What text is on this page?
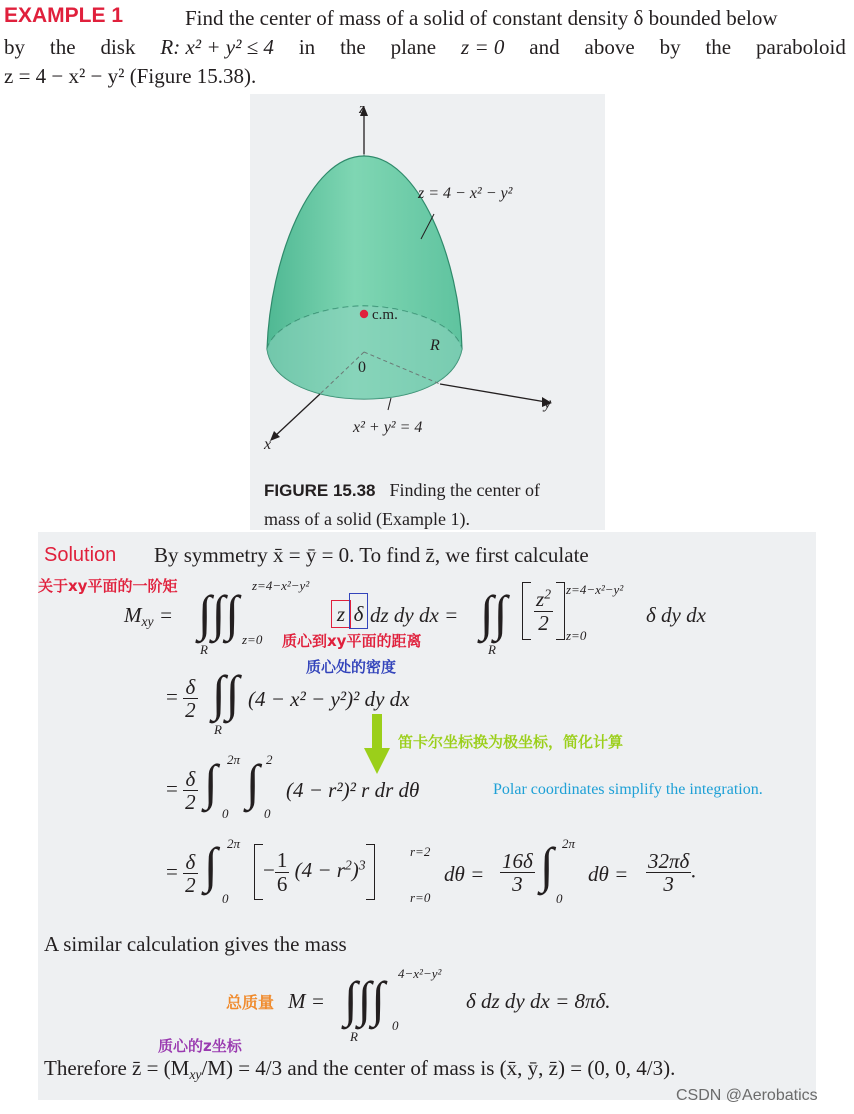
EXAMPLE 1	Find the center of mass of a solid of constant density δ bounded below
by the disk R: x² + y² ≤ 4 in the plane z = 0 and above by the paraboloid
z = 4 − x² − y² (Figure 15.38).
z
z = 4 − x² − y²
c.m.
R
0
y
x² + y² = 4
x
FIGURE 15.38 Finding the center of
mass of a solid (Example 1).
Solution By symmetry x̄ = ȳ = 0. To find z̄, we first calculate
关于xy平面的一阶矩
$M_{xy}$ = ∫∫∫
R
z=4−x²−y²
z=0
z δ dz dy dx = ∫∫
R
$\frac{z^2}{2} z=4-x^2-y^2$
z=0
δ dy dx
质心到xy平面的距离
质心处的密度
= $\frac{\delta}{2}$ ∫∫
R
(4 − x² − y²)² dy dx
笛卡尔坐标换为极坐标，简化计算
= $\frac{\delta}{2}$ ∫ 2π
0
∫ 2
0
(4 − r²)² r dr dθ	Polar coordinates simplify the integration.
= $\frac{\delta}{2}$ ∫ 2π
0
− $\frac{1}{6} (4 - r^2)^3$
r=2
r=0
$d\theta = \frac{16\delta}{3}$ ∫ 2π
0
$d\theta = \frac{32\pi\delta}{3}$ .
A similar calculation gives the mass
总质量 M = ∫∫∫
R
4−x²−y²
0
δ dz dy dx = 8πδ.
质心的z坐标
Therefore z̄ = $(M_{xy}/M) = 4/3$ and the center of mass is (x̄, ȳ, z̄) = (0, 0, 4/3).
CSDN @Aerobatics
